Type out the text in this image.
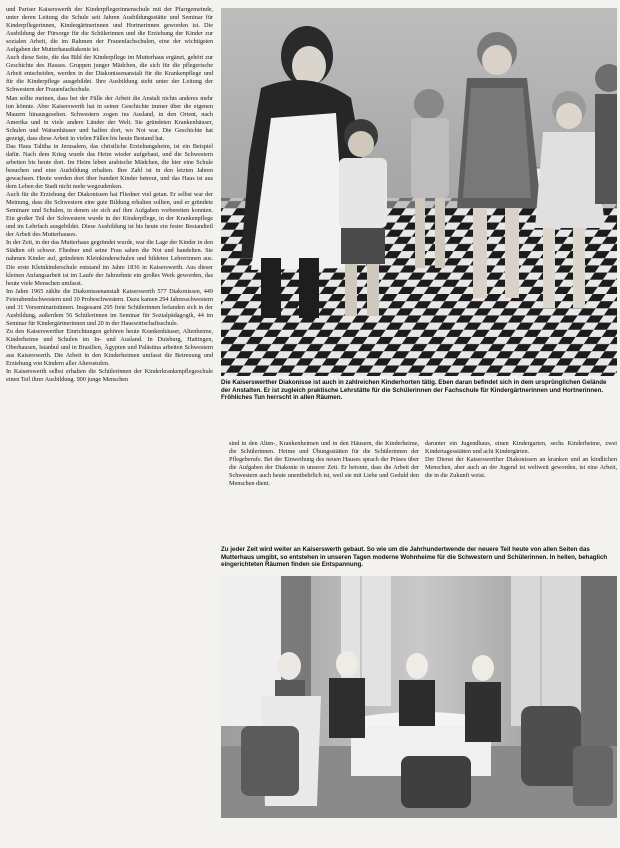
und Pariser Kaiserswerth der Kinderpflegerinnenschule mit der Pfarrgemeinde, unter deren Leitung die Schule seit Jahren Ausbildungsstätte und Seminar für Kinderpflegerinnen, Kindergärtnerinnen und Hortnerinnen geworden ist. Die Ausbildung der Fürsorge für die Schülerinnen und die Erziehung der Kinder zur sozialen Arbeit, die im Rahmen der Frauenfachschulen, eine der wichtigsten Aufgaben der Mutterhausdiakonie ist.

Auch diese Seite, die das Bild der Kinderpflege im Mutterhaus ergänzt, gehört zur Geschichte des Hauses. Gruppen junger Mädchen, die sich für die pflegerische Arbeit entscheiden, werden in der Diakonissenanstalt für die Krankenpflege und für die Kinderpflege ausgebildet. Ihre Ausbildung steht unter der Leitung der Schwestern der Frauenfachschule.

Man sollte meinen, dass bei der Fülle der Arbeit die Anstalt nichts anderes mehr tun könnte. Aber Kaiserswerth hat in seiner Geschichte immer über die eigenen Mauern hinausgesehen. Schwestern zogen ins Ausland, in den Orient, nach Amerika und in viele andere Länder der Welt. Sie gründeten Krankenhäuser, Schulen und Waisenhäuser und halfen dort, wo Not war. Die Geschichte hat gezeigt, dass diese Arbeit in vielen Fällen bis heute Bestand hat.

Das Haus Talitha in Jerusalem, das christliche Erziehungsheim, ist ein Beispiel dafür. Nach dem Krieg wurde das Heim wieder aufgebaut, und die Schwestern arbeiten bis heute dort. Im Heim leben arabische Mädchen, die hier eine Schule besuchen und eine Ausbildung erhalten. Ihre Zahl ist in den letzten Jahren gewachsen. Heute werden dort über hundert Kinder betreut, und das Haus ist aus dem Leben der Stadt nicht mehr wegzudenken.

Auch für die Erziehung der Diakonissen hat Fliedner viel getan. Er selbst war der Meinung, dass die Schwestern eine gute Bildung erhalten sollten, und er gründete Seminare und Schulen, in denen sie sich auf ihre Aufgaben vorbereiten konnten. Ein großer Teil der Schwestern wurde in der Kinderpflege, in der Krankenpflege und im Lehrfach ausgebildet. Diese Ausbildung ist bis heute ein fester Bestandteil der Arbeit des Mutterhauses.

In der Zeit, in der das Mutterhaus gegründet wurde, war die Lage der Kinder in den Städten oft schwer. Fliedner und seine Frau sahen die Not und handelten. Sie nahmen Kinder auf, gründeten Kleinkinderschulen und bildeten Lehrerinnen aus. Die erste Kleinkinderschule entstand im Jahre 1836 in Kaiserswerth. Aus dieser kleinen Anfangsarbeit ist im Laufe der Jahrzehnte ein großes Werk geworden, das heute viele Menschen umfasst.

Im Jahre 1965 zählte die Diakonissenanstalt Kaiserswerth 577 Diakonissen, 449 Feierabendschwestern und 10 Probeschwestern. Dazu kamen 294 Jahresschwestern und 31 Vorseminaristinnen. Insgesamt 295 freie Schülerinnen befanden sich in der Ausbildung, außerdem 56 Schülerinnen im Seminar für Sozialpädagogik, 44 im Seminar für Kindergärtnerinnen und 20 in der Hauswirtschaftsschule.

Zu den Kaiserswerther Einrichtungen gehören heute Krankenhäuser, Altenheime, Kinderheime und Schulen im In- und Ausland. In Duisburg, Hattingen, Oberhausen, Istanbul und in Brasilien, Ägypten und Palästina arbeiten Schwestern aus Kaiserswerth. Die Arbeit in den Kinderheimen umfasst die Betreuung und Erziehung von Kindern aller Altersstufen.

In Kaiserswerth selbst erhalten die Schülerinnen der Kinderkrankenpflegeschule einen Teil ihrer Ausbildung. 900 junge Menschen	Die Kaiserswerther Diakonisse ist auch in zahlreichen Kinderhorten tätig. Eben daran befindet sich in dem ursprünglichen Gelände der Anstalten. Er ist zugleich praktische Lehrstätte für die Schülerinnen der Fachschule für Kindergärtnerinnen und Hortnerinnen. Fröhliches Tun herrscht in allen Räumen.

sind in den Alten-, Krankenheimen und in den Häusern, die Kinderheime, die Schülerinnen. Heime und Übungsstätten für die Schülerinnen der Pflegeberufe. Bei der Einweihung des neuen Hauses sprach der Präses über die Aufgaben der Diakonie in unserer Zeit. Er betonte, dass die Arbeit der Schwestern auch heute unentbehrlich ist, weil sie mit Liebe und Geduld den Menschen dient.

darunter ein Jugendhaus, einen Kindergarten, sechs Kinderheime, zwei Kindertagesstätten und acht Kindergärten.

Der Dienst der Kaiserswerther Diakonissen an kranken und an kindlichen Menschen, aber auch an der Jugend ist weltweit geworden, ist eine Arbeit, die in die Zukunft weist.

Zu jeder Zeit wird weiter an Kaiserswerth gebaut. So wie um die Jahrhundertwende der neuere Teil heute von allen Seiten das Mutterhaus umgibt, so entstehen in unseren Tagen moderne Wohnheime für die Schwestern und Schülerinnen. In hellen, behaglich eingerichteten Räumen finden sie Entspannung.
